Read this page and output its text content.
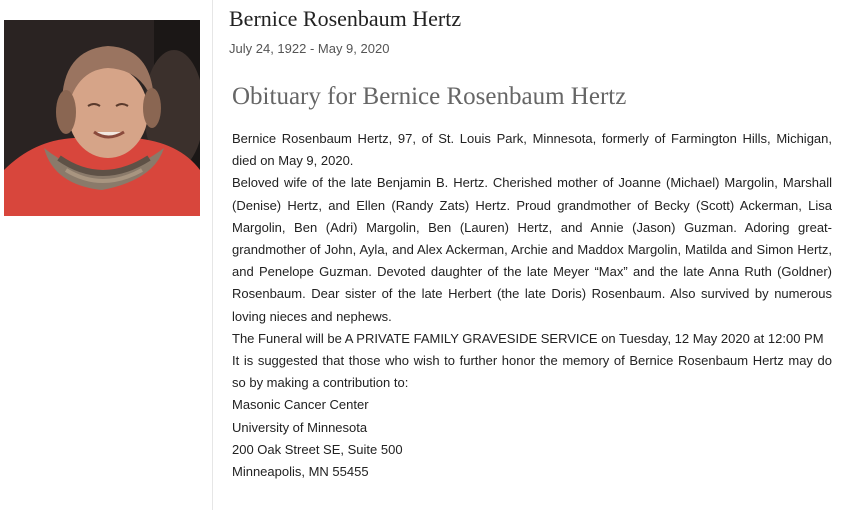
Bernice Rosenbaum Hertz
July 24, 1922 - May 9, 2020
Obituary for Bernice Rosenbaum Hertz

Bernice Rosenbaum Hertz, 97, of St. Louis Park, Minnesota, formerly of Farmington Hills, Michigan, died on May 9, 2020.

Beloved wife of the late Benjamin B. Hertz. Cherished mother of Joanne (Michael) Margolin, Marshall (Denise) Hertz, and Ellen (Randy Zats) Hertz. Proud grandmother of Becky (Scott) Ackerman, Lisa Margolin, Ben (Adri) Margolin, Ben (Lauren) Hertz, and Annie (Jason) Guzman. Adoring great-grandmother of John, Ayla, and Alex Ackerman, Archie and Maddox Margolin, Matilda and Simon Hertz, and Penelope Guzman. Devoted daughter of the late Meyer “Max” and the late Anna Ruth (Goldner) Rosenbaum. Dear sister of the late Herbert (the late Doris) Rosenbaum. Also survived by numerous loving nieces and nephews.

The Funeral will be A PRIVATE FAMILY GRAVESIDE SERVICE on Tuesday, 12 May 2020 at 12:00 PM

It is suggested that those who wish to further honor the memory of Bernice Rosenbaum Hertz may do so by making a contribution to:

Masonic Cancer Center

University of Minnesota

200 Oak Street SE, Suite 500

Minneapolis, MN 55455
